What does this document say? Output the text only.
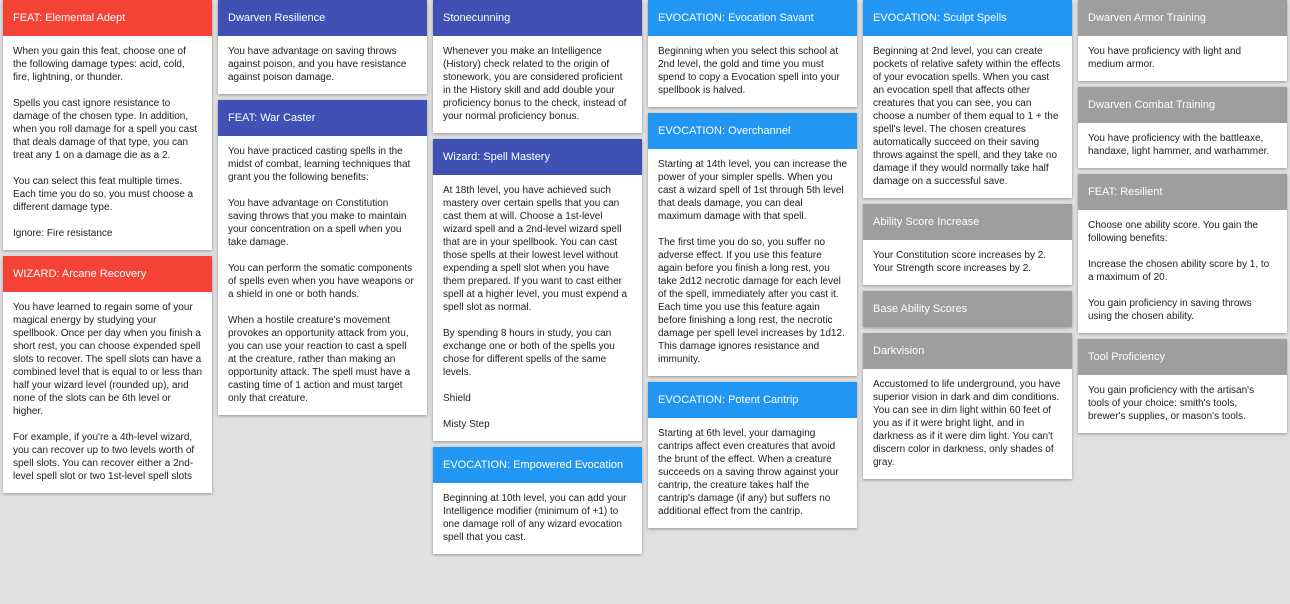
FEAT: Elemental Adept

When you gain this feat, choose one of the following damage types: acid, cold, fire, lightning, or thunder.

Spells you cast ignore resistance to damage of the chosen type. In addition, when you roll damage for a spell you cast that deals damage of that type, you can treat any 1 on a damage die as a 2.

You can select this feat multiple times. Each time you do so, you must choose a different damage type.

Ignore: Fire resistance

WIZARD: Arcane Recovery

You have learned to regain some of your magical energy by studying your spellbook. Once per day when you finish a short rest, you can choose expended spell slots to recover. The spell slots can have a combined level that is equal to or less than half your wizard level (rounded up), and none of the slots can be 6th level or higher.

For example, if you're a 4th-level wizard, you can recover up to two levels worth of spell slots. You can recover either a 2nd-level spell slot or two 1st-level spell slots

Dwarven Resilience

You have advantage on saving throws against poison, and you have resistance against poison damage.

FEAT: War Caster

You have practiced casting spells in the midst of combat, learning techniques that grant you the following benefits:

You have advantage on Constitution saving throws that you make to maintain your concentration on a spell when you take damage.

You can perform the somatic components of spells even when you have weapons or a shield in one or both hands.

When a hostile creature's movement provokes an opportunity attack from you, you can use your reaction to cast a spell at the creature, rather than making an opportunity attack. The spell must have a casting time of 1 action and must target only that creature.

Stonecunning

Whenever you make an Intelligence (History) check related to the origin of stonework, you are considered proficient in the History skill and add double your proficiency bonus to the check, instead of your normal proficiency bonus.

Wizard: Spell Mastery

At 18th level, you have achieved such mastery over certain spells that you can cast them at will. Choose a 1st-level wizard spell and a 2nd-level wizard spell that are in your spellbook. You can cast those spells at their lowest level without expending a spell slot when you have them prepared. If you want to cast either spell at a higher level, you must expend a spell slot as normal.

By spending 8 hours in study, you can exchange one or both of the spells you chose for different spells of the same levels.

Shield

Misty Step

EVOCATION: Empowered Evocation

Beginning at 10th level, you can add your Intelligence modifier (minimum of +1) to one damage roll of any wizard evocation spell that you cast.

EVOCATION: Evocation Savant

Beginning when you select this school at 2nd level, the gold and time you must spend to copy a Evocation spell into your spellbook is halved.

EVOCATION: Overchannel

Starting at 14th level, you can increase the power of your simpler spells. When you cast a wizard spell of 1st through 5th level that deals damage, you can deal maximum damage with that spell.

The first time you do so, you suffer no adverse effect. If you use this feature again before you finish a long rest, you take 2d12 necrotic damage for each level of the spell, immediately after you cast it. Each time you use this feature again before finishing a long rest, the necrotic damage per spell level increases by 1d12. This damage ignores resistance and immunity.

EVOCATION: Potent Cantrip

Starting at 6th level, your damaging cantrips affect even creatures that avoid the brunt of the effect. When a creature succeeds on a saving throw against your cantrip, the creature takes half the cantrip's damage (if any) but suffers no additional effect from the cantrip.

EVOCATION: Sculpt Spells

Beginning at 2nd level, you can create pockets of relative safety within the effects of your evocation spells. When you cast an evocation spell that affects other creatures that you can see, you can choose a number of them equal to 1 + the spell's level. The chosen creatures automatically succeed on their saving throws against the spell, and they take no damage if they would normally take half damage on a successful save.

Ability Score Increase

Your Constitution score increases by 2. Your Strength score increases by 2.

Base Ability Scores
Darkvision

Accustomed to life underground, you have superior vision in dark and dim conditions. You can see in dim light within 60 feet of you as if it were bright light, and in darkness as if it were dim light. You can't discern color in darkness, only shades of gray.

Dwarven Armor Training

You have proficiency with light and medium armor.

Dwarven Combat Training

You have proficiency with the battleaxe, handaxe, light hammer, and warhammer.

FEAT: Resilient

Choose one ability score. You gain the following benefits:

Increase the chosen ability score by 1, to a maximum of 20.

You gain proficiency in saving throws using the chosen ability.

Tool Proficiency

You gain proficiency with the artisan's tools of your choice: smith's tools, brewer's supplies, or mason's tools.
